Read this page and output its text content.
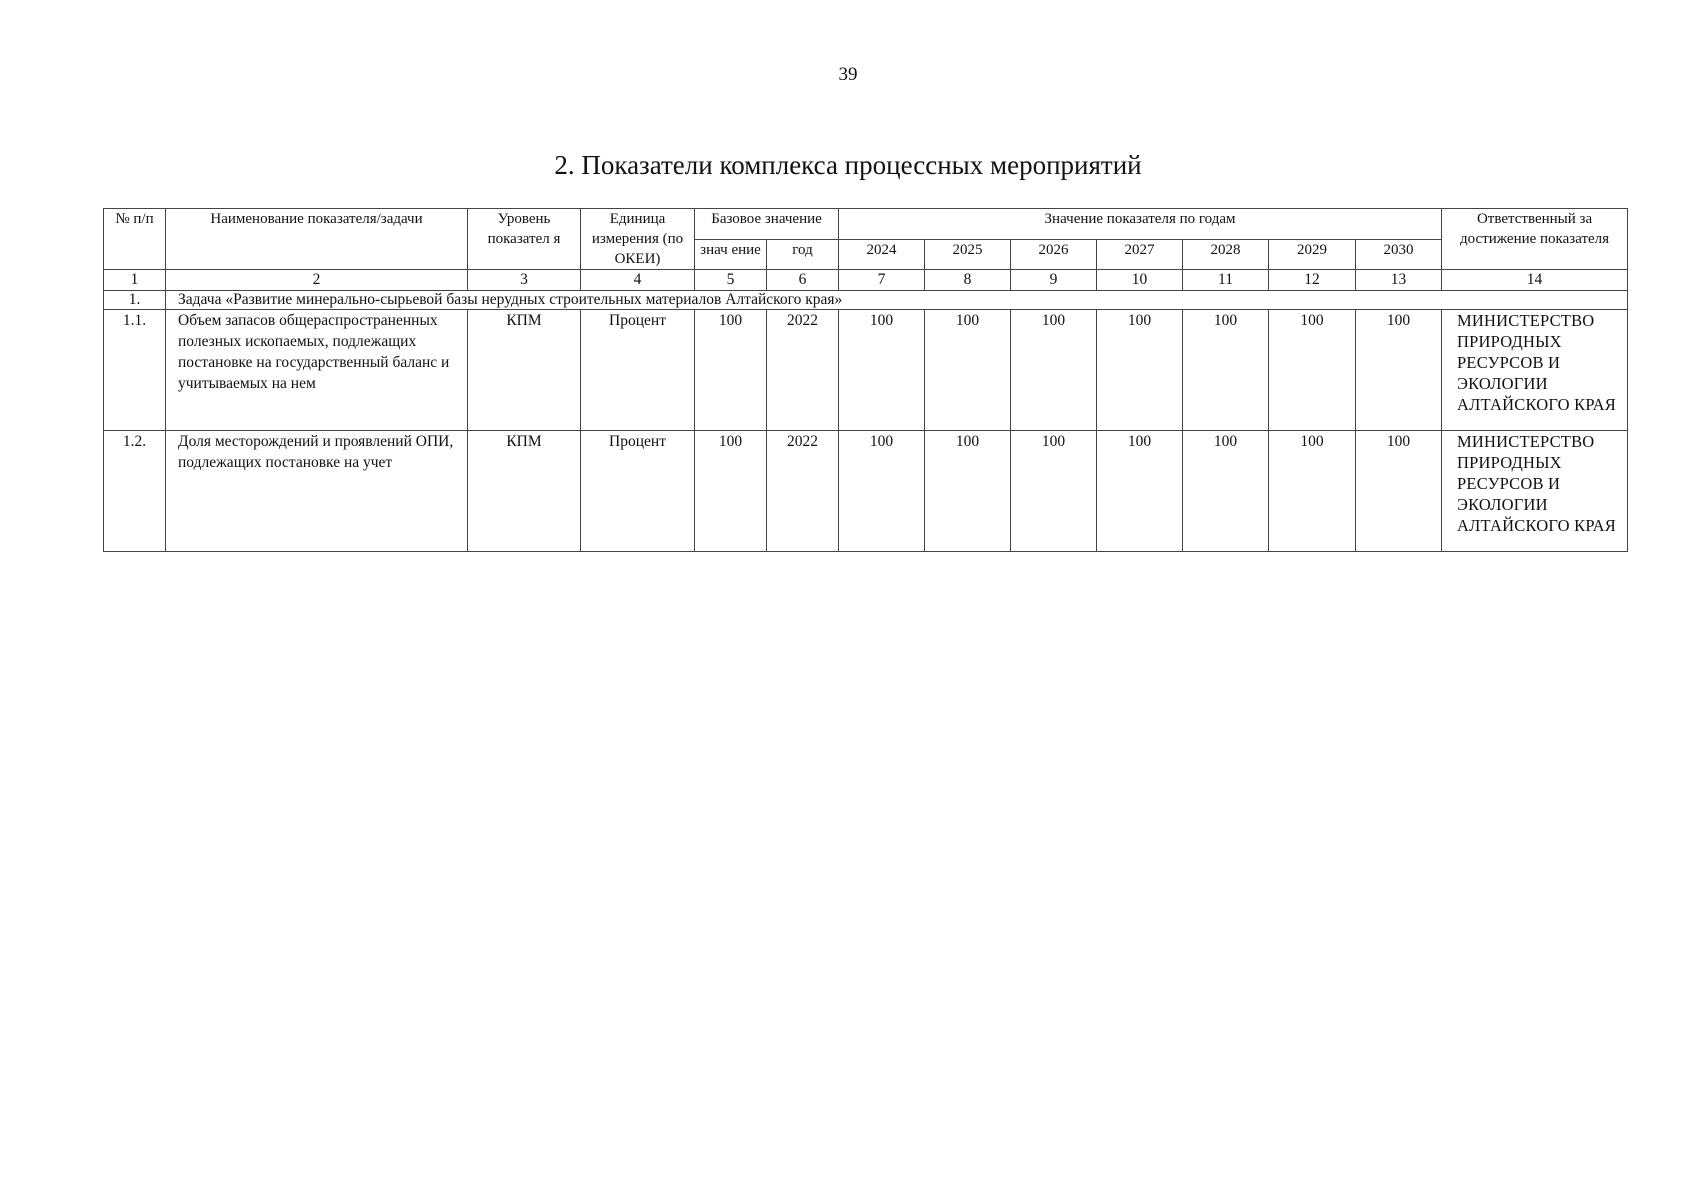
39
2. Показатели комплекса процессных мероприятий
№ п/п	Наименование показателя/задачи	Уровень показател я	Единица измерения (по ОКЕИ)	Базовое значение		Значение показателя по годам							Ответственный за достижение показателя
				знач ение	год	2024	2025	2026	2027	2028	2029	2030	
1	2	3	4	5	6	7	8	9	10	11	12	13	14
1.	Задача «Развитие минерально-сырьевой базы нерудных строительных материалов Алтайского края»												
1.1.	Объем запасов общераспространенных полезных ископаемых, подлежащих постановке на государственный баланс и учитываемых на нем	КПМ	Процент	100	2022	100	100	100	100	100	100	100	МИНИСТЕРСТВО ПРИРОДНЫХ РЕСУРСОВ И ЭКОЛОГИИ АЛТАЙСКОГО КРАЯ
1.2.	Доля месторождений и проявлений ОПИ, подлежащих постановке на учет	КПМ	Процент	100	2022	100	100	100	100	100	100	100	МИНИСТЕРСТВО ПРИРОДНЫХ РЕСУРСОВ И ЭКОЛОГИИ АЛТАЙСКОГО КРАЯ
